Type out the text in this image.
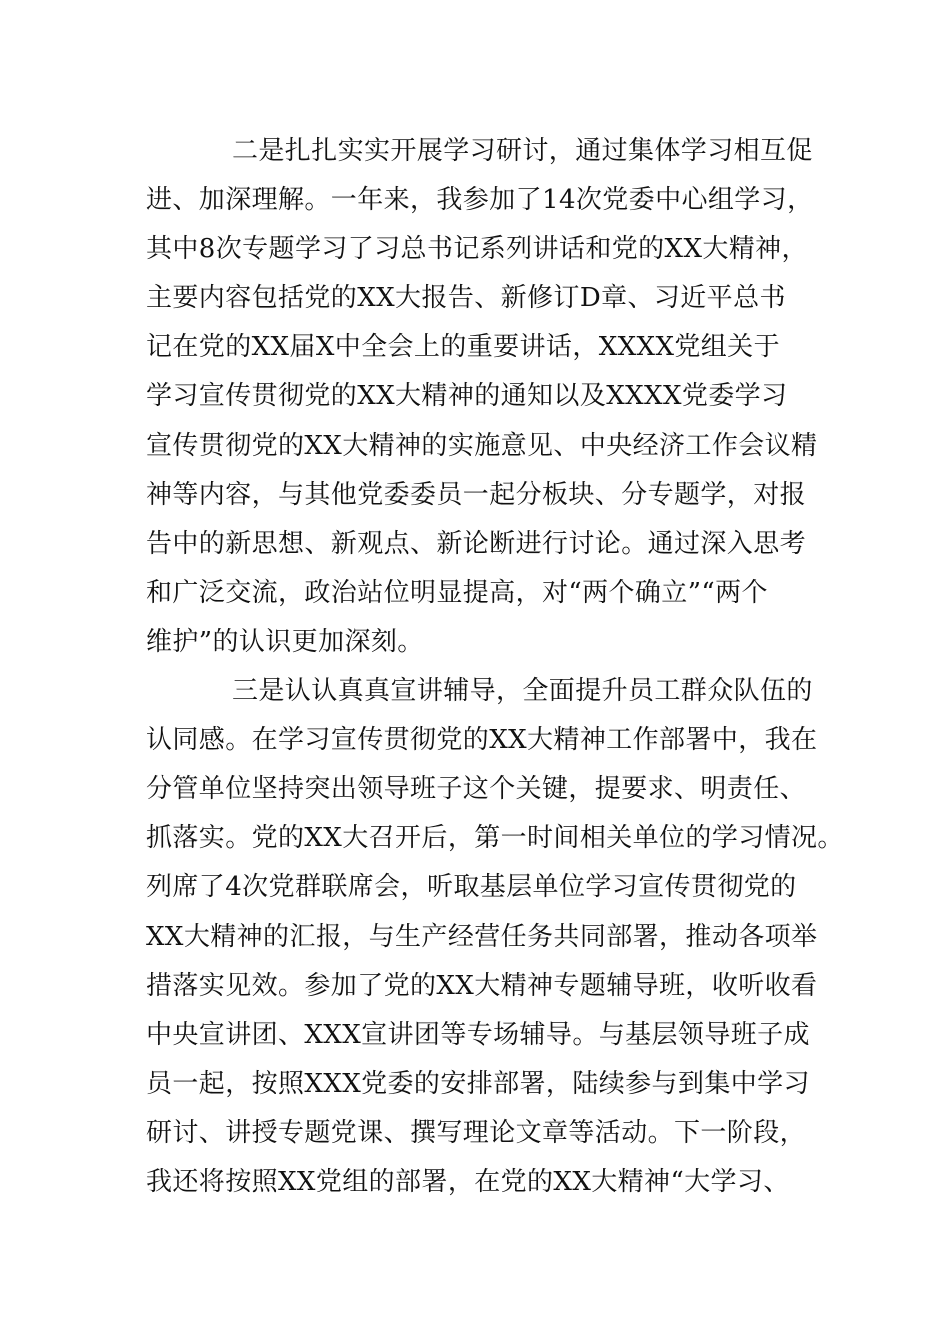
二是扎扎实实开展学习研讨，通过集体学习相互促
进、加深理解。一年来，我参加了14次党委中心组学习，
其中8次专题学习了习总书记系列讲话和党的XX大精神，
主要内容包括党的XX大报告、新修订D章、习近平总书
记在党的XX届X中全会上的重要讲话，XXXX党组关于
学习宣传贯彻党的XX大精神的通知以及XXXX党委学习
宣传贯彻党的XX大精神的实施意见、中央经济工作会议精
神等内容，与其他党委委员一起分板块、分专题学，对报
告中的新思想、新观点、新论断进行讨论。通过深入思考
和广泛交流，政治站位明显提高，对“两个确立”“两个
维护”的认识更加深刻。
三是认认真真宣讲辅导，全面提升员工群众队伍的
认同感。在学习宣传贯彻党的XX大精神工作部署中，我在
分管单位坚持突出领导班子这个关键，提要求、明责任、
抓落实。党的XX大召开后，第一时间相关单位的学习情况。
列席了4次党群联席会，听取基层单位学习宣传贯彻党的
XX大精神的汇报，与生产经营任务共同部署，推动各项举
措落实见效。参加了党的XX大精神专题辅导班，收听收看
中央宣讲团、XXX宣讲团等专场辅导。与基层领导班子成
员一起，按照XXX党委的安排部署，陆续参与到集中学习
研讨、讲授专题党课、撰写理论文章等活动。下一阶段，
我还将按照XX党组的部署，在党的XX大精神“大学习、
